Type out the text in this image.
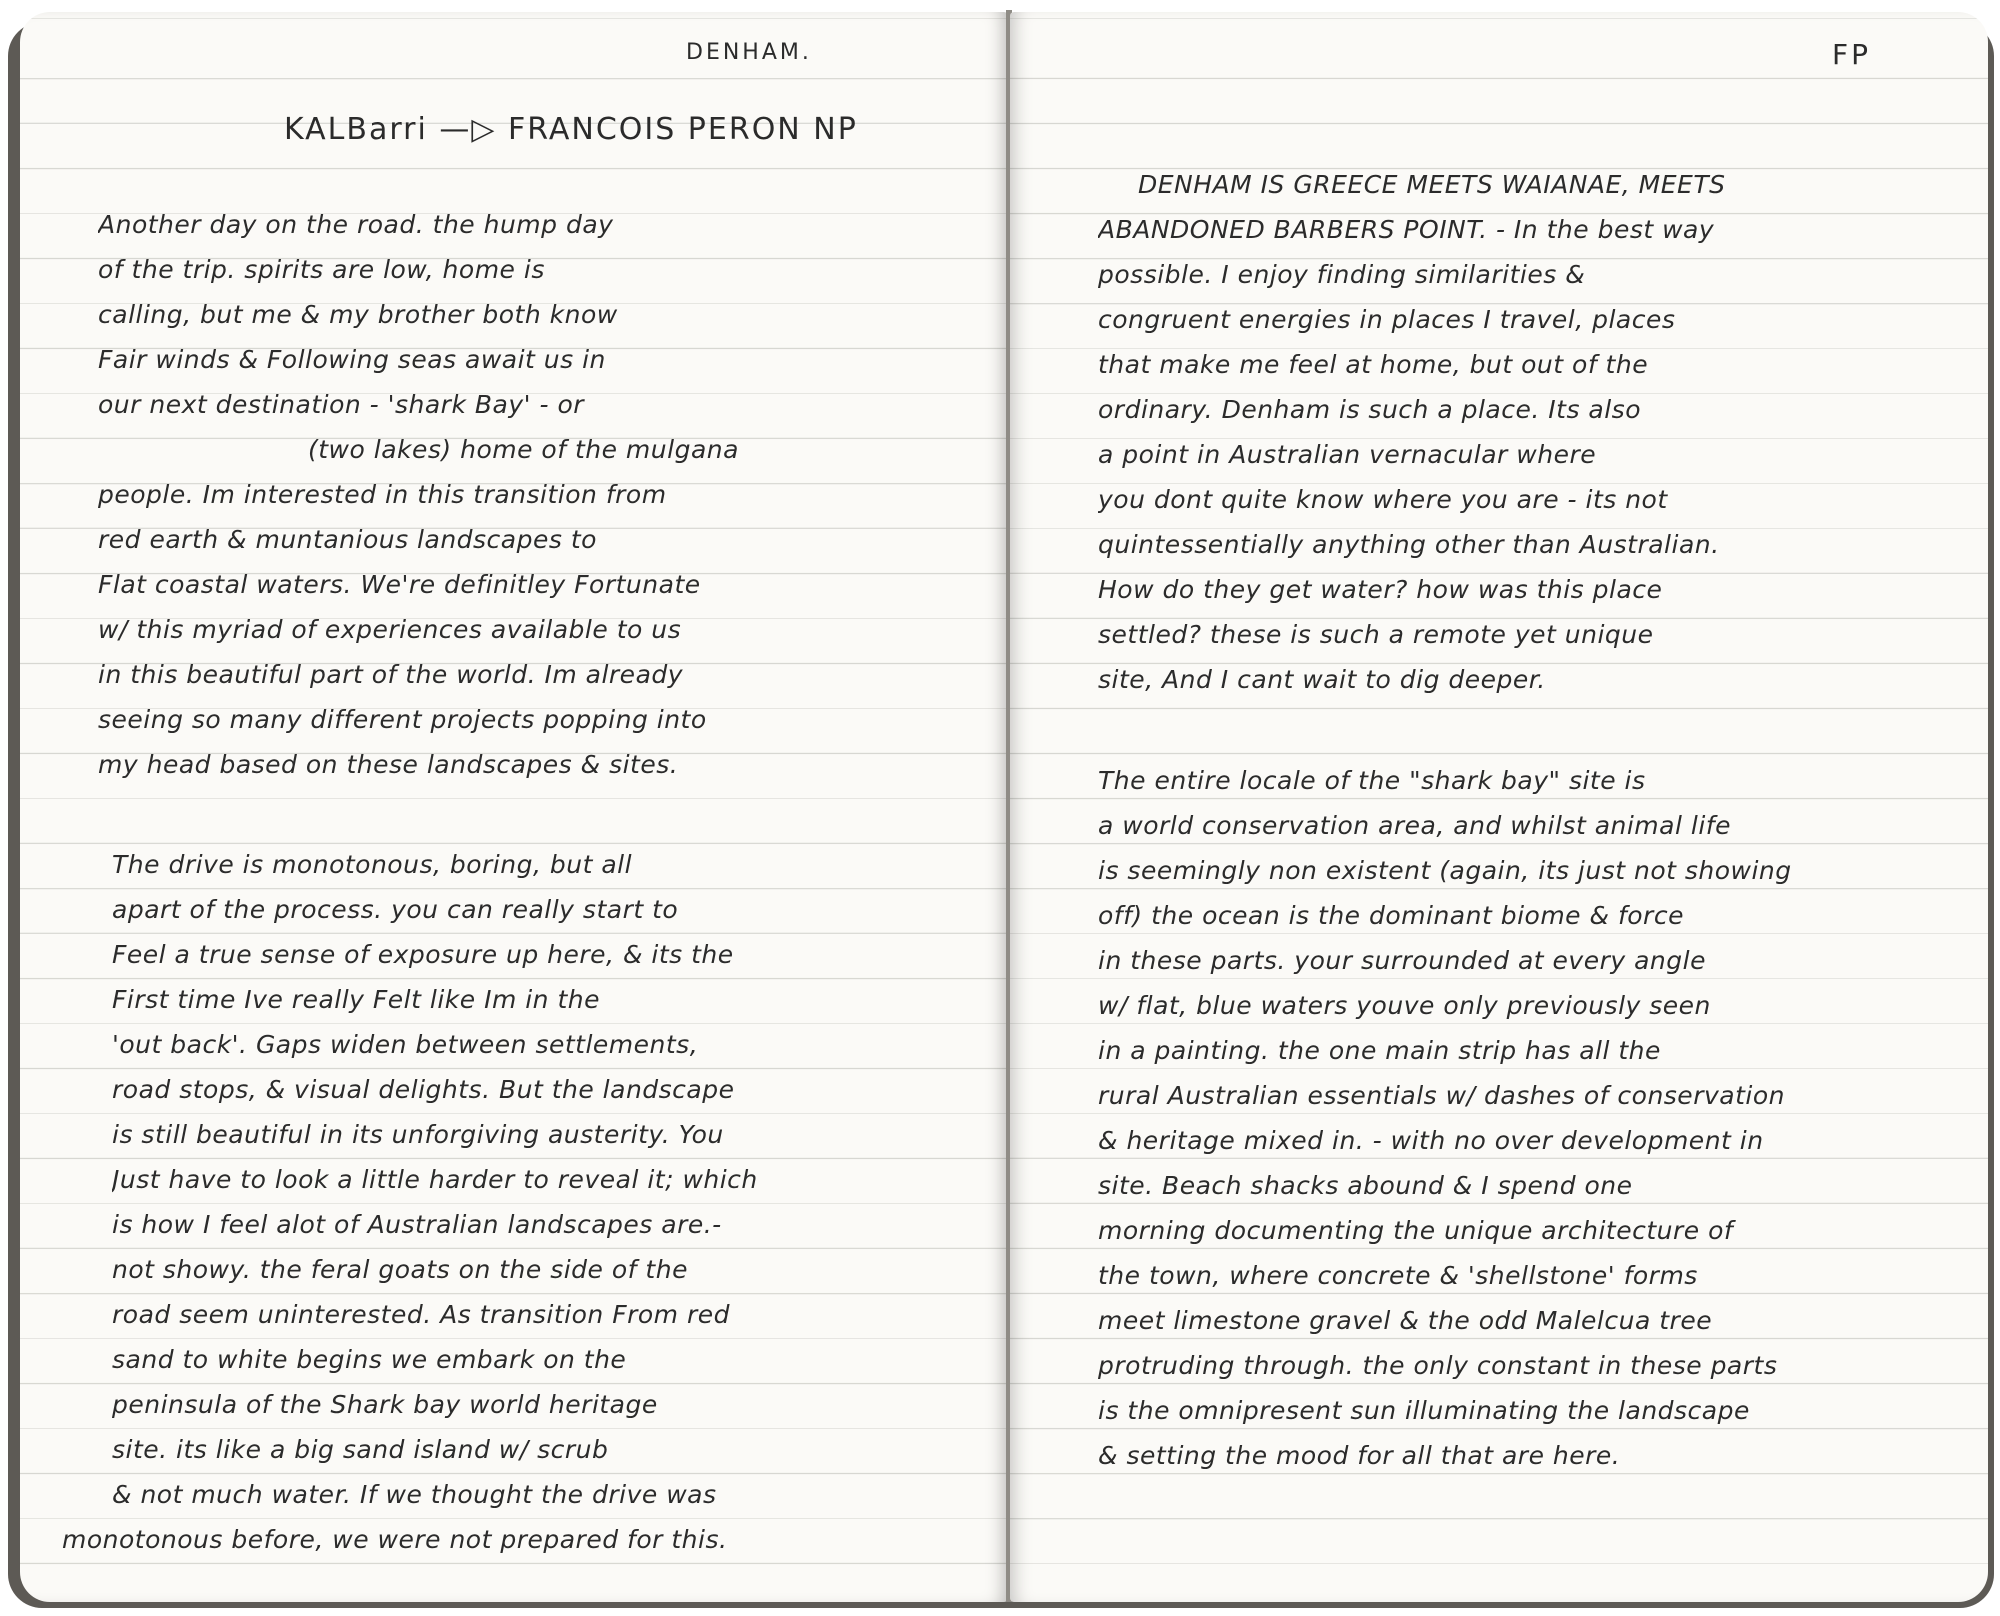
DENHAM.
KALBarri —▷ FRANCOIS PERON NP
Another day on the road. the hump day
of the trip. spirits are low, home is
calling, but me & my brother both know
Fair winds & Following seas await us in
our next destination - 'shark Bay' - or
(two lakes) home of the mulgana
people. Im interested in this transition from
red earth & muntanious landscapes to
Flat coastal waters. We're definitley Fortunate
w/ this myriad of experiences available to us
in this beautiful part of the world. Im already
seeing so many different projects popping into
my head based on these landscapes & sites.
The drive is monotonous, boring, but all
apart of the process. you can really start to
Feel a true sense of exposure up here, & its the
First time Ive really Felt like Im in the
'out back'. Gaps widen between settlements,
road stops, & visual delights. But the landscape
is still beautiful in its unforgiving austerity. You
Just have to look a little harder to reveal it; which
is how I feel alot of Australian landscapes are.-
not showy. the feral goats on the side of the
road seem uninterested. As transition From red
sand to white begins we embark on the
peninsula of the Shark bay world heritage
site. its like a big sand island w/ scrub
& not much water. If we thought the drive was
monotonous before, we were not prepared for this.
FP
DENHAM IS GREECE MEETS WAIANAE, MEETS
ABANDONED BARBERS POINT. - In the best way
possible. I enjoy finding similarities &
congruent energies in places I travel, places
that make me feel at home, but out of the
ordinary. Denham is such a place. Its also
a point in Australian vernacular where
you dont quite know where you are - its not
quintessentially anything other than Australian.
How do they get water? how was this place
settled? these is such a remote yet unique
site, And I cant wait to dig deeper.
The entire locale of the "shark bay" site is
a world conservation area, and whilst animal life
is seemingly non existent (again, its just not showing
off) the ocean is the dominant biome & force
in these parts. your surrounded at every angle
w/ flat, blue waters youve only previously seen
in a painting. the one main strip has all the
rural Australian essentials w/ dashes of conservation
& heritage mixed in. - with no over development in
site. Beach shacks abound & I spend one
morning documenting the unique architecture of
the town, where concrete & 'shellstone' forms
meet limestone gravel & the odd Malelcua tree
protruding through. the only constant in these parts
is the omnipresent sun illuminating the landscape
& setting the mood for all that are here.
